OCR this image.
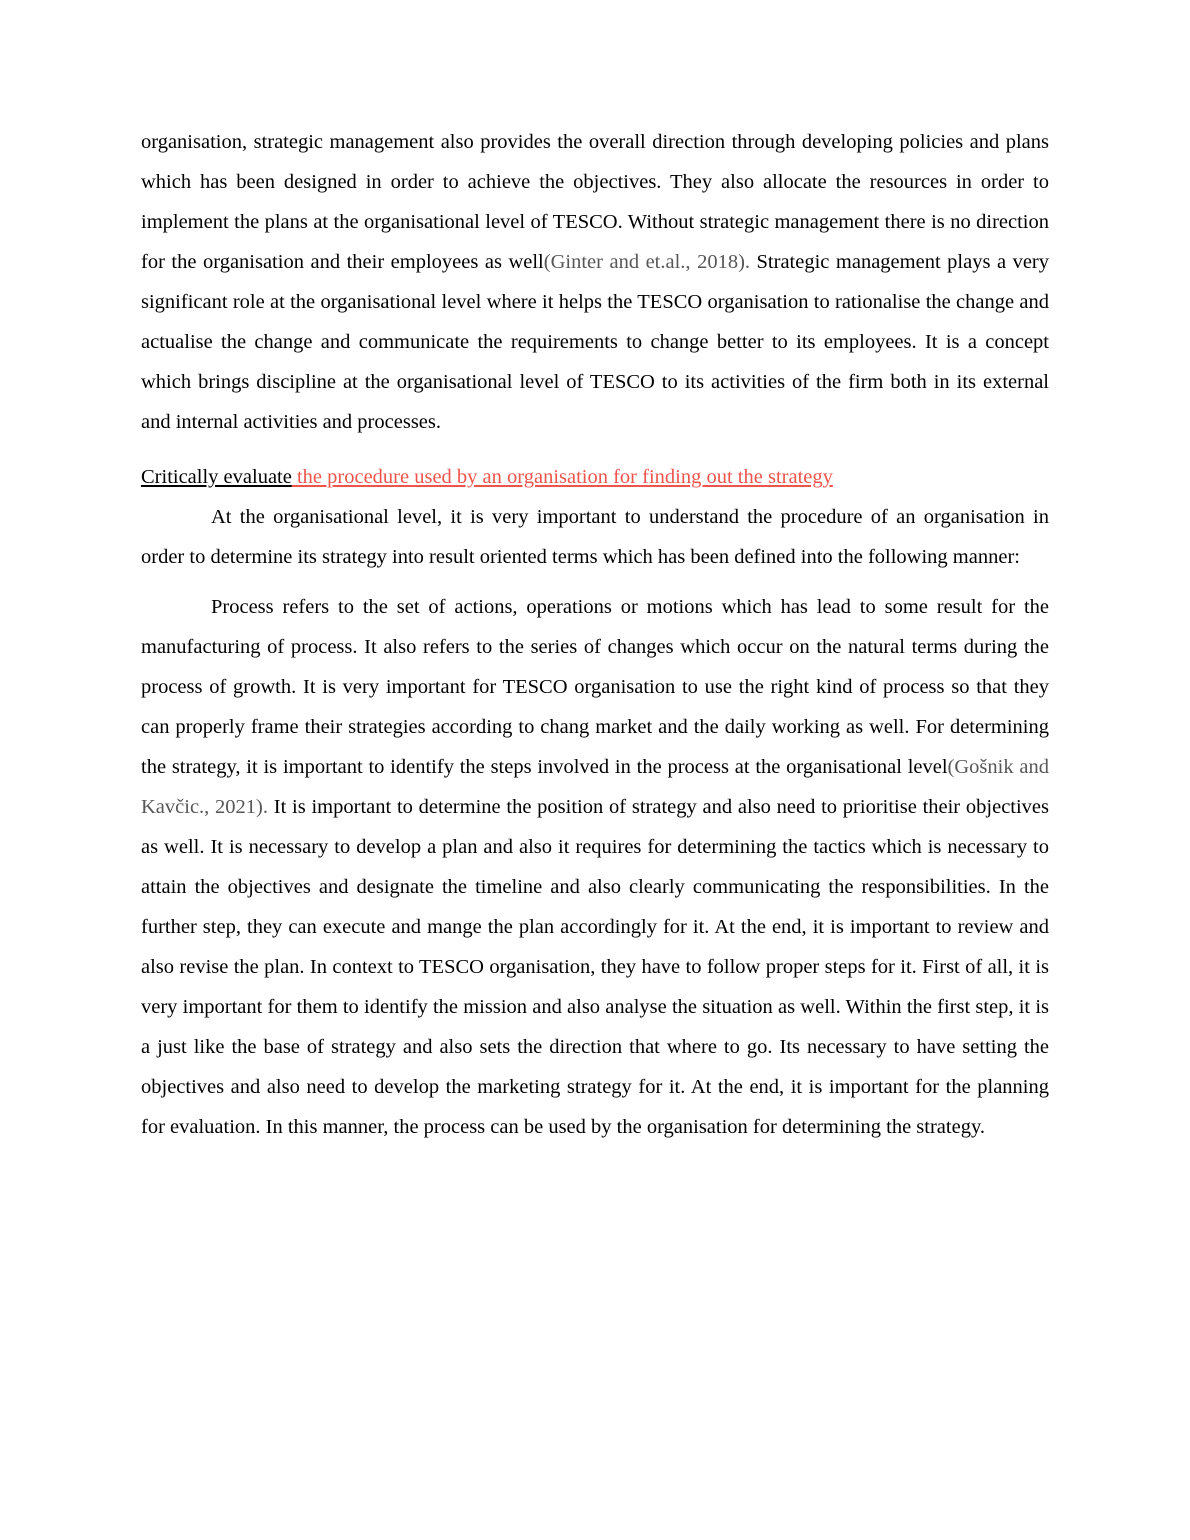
organisation, strategic management also provides the overall direction through developing policies and plans which has been designed in order to achieve the objectives. They also allocate the resources in order to implement the plans at the organisational level of TESCO. Without strategic management there is no direction for the organisation and their employees as well(Ginter and et.al., 2018). Strategic management plays a very significant role at the organisational level where it helps the TESCO organisation to rationalise the change and actualise the change and communicate the requirements to change better to its employees. It is a concept which brings discipline at the organisational level of TESCO to its activities of the firm both in its external and internal activities and processes.

Critically evaluate the procedure used by an organisation for finding out the strategy

At the organisational level, it is very important to understand the procedure of an organisation in order to determine its strategy into result oriented terms which has been defined into the following manner:

Process refers to the set of actions, operations or motions which has lead to some result for the manufacturing of process. It also refers to the series of changes which occur on the natural terms during the process of growth. It is very important for TESCO organisation to use the right kind of process so that they can properly frame their strategies according to chang market and the daily working as well. For determining the strategy, it is important to identify the steps involved in the process at the organisational level(Gošnik and Kavčic., 2021). It is important to determine the position of strategy and also need to prioritise their objectives as well. It is necessary to develop a plan and also it requires for determining the tactics which is necessary to attain the objectives and designate the timeline and also clearly communicating the responsibilities. In the further step, they can execute and mange the plan accordingly for it. At the end, it is important to review and also revise the plan. In context to TESCO organisation, they have to follow proper steps for it. First of all, it is very important for them to identify the mission and also analyse the situation as well. Within the first step, it is a just like the base of strategy and also sets the direction that where to go. Its necessary to have setting the objectives and also need to develop the marketing strategy for it. At the end, it is important for the planning for evaluation. In this manner, the process can be used by the organisation for determining the strategy.
